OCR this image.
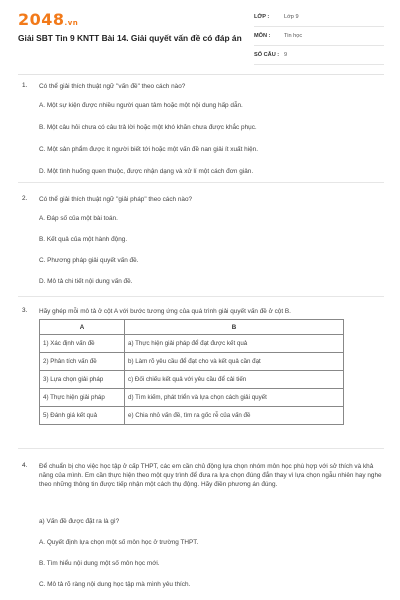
2048.vn
Giải SBT Tin 9 KNTT Bài 14. Giải quyết vấn đề có đáp án
LỚP :	Lớp 9
MÔN : Tin học
SỐ CÂU : 9
1. Có thể giải thích thuật ngữ "vấn đề" theo cách nào?
A. Một sự kiện được nhiều người quan tâm hoặc một nội dung hấp dẫn.
B. Một câu hỏi chưa có câu trả lời hoặc một khó khăn chưa được khắc phục.
C. Một sản phẩm được ít người biết tới hoặc một vấn đề nan giải ít xuất hiện.
D. Một tình huống quen thuộc, được nhận dạng và xử lí một cách đơn giản.
2. Có thể giải thích thuật ngữ "giải pháp" theo cách nào?
A. Đáp số của một bài toán.
B. Kết quả của một hành động.
C. Phương pháp giải quyết vấn đề.
D. Mô tả chi tiết nội dung vấn đề.
3. Hãy ghép mỗi mô tả ở cột A với bước tương ứng của quá trình giải quyết vấn đề ở cột B.
A	B
1) Xác định vấn đề	a) Thực hiện giải pháp để đạt được kết quả
2) Phân tích vấn đề	b) Làm rõ yêu cầu để đạt cho và kết quả cần đạt
3) Lựa chọn giải pháp	c) Đối chiếu kết quả với yêu cầu để cải tiến
4) Thực hiện giải pháp	d) Tìm kiếm, phát triển và lựa chọn cách giải quyết
5) Đánh giá kết quả	e) Chia nhỏ vấn đề, tìm ra gốc rễ của vấn đề
4. Để chuẩn bị cho việc học tập ở cấp THPT, các em cần chủ động lựa chọn nhóm môn học phù hợp với sở thích và khả năng của mình. Em cần thực hiện theo một quy trình để đưa ra lựa chọn đúng đắn thay vì lựa chọn ngẫu nhiên hay nghe theo những thông tin được tiếp nhận một cách thụ động. Hãy điền phương án đúng.
a) Vấn đề được đặt ra là gì?
A. Quyết định lựa chọn một số môn học ở trường THPT.
B. Tìm hiểu nội dung một số môn học mới.
C. Mô tả rõ ràng nội dung học tập mà mình yêu thích.
